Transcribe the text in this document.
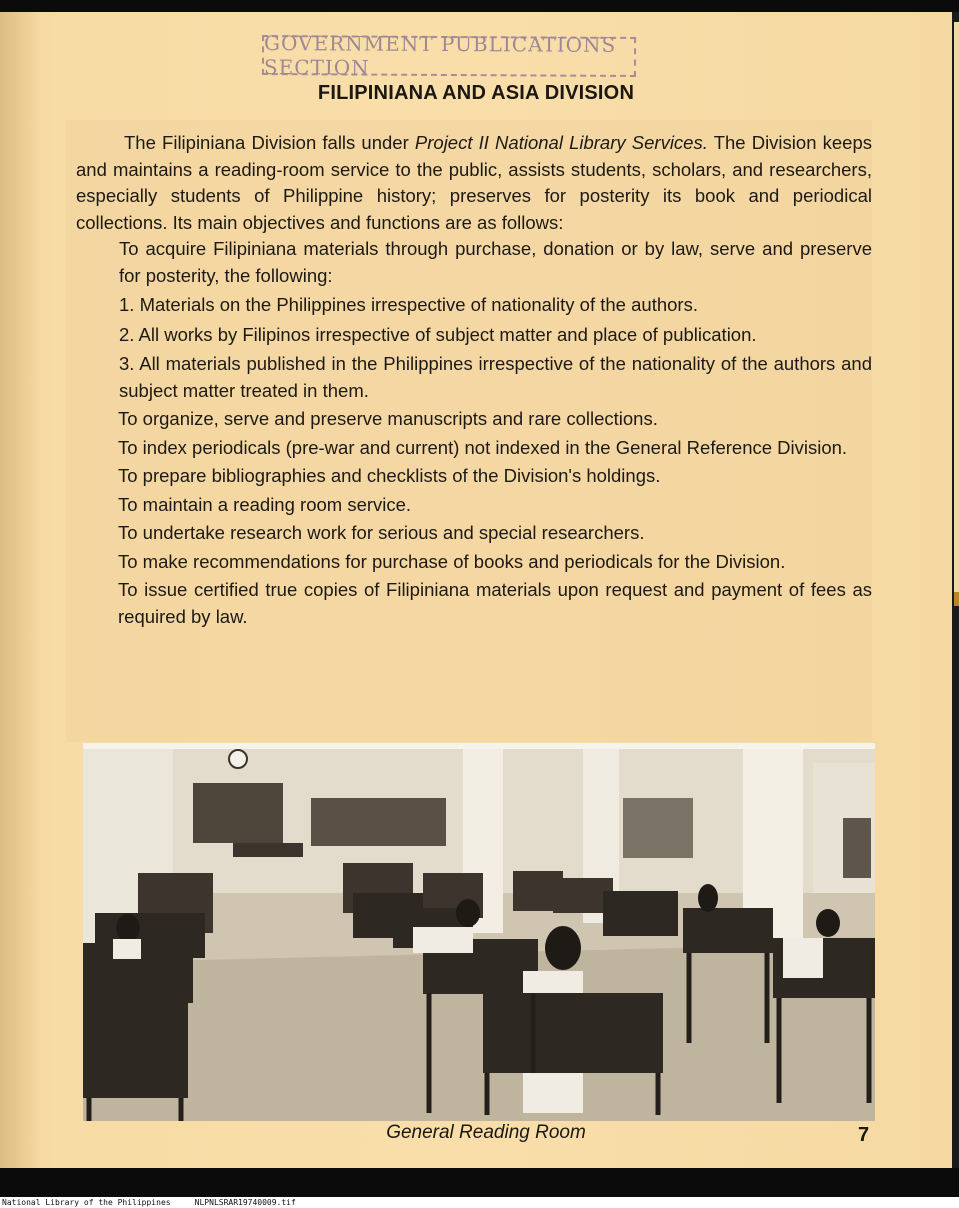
GOVERNMENT PUBLICATIONS SECTION
FILIPINIANA AND ASIA DIVISION

The Filipiniana Division falls under Project II National Library Services. The Division keeps and maintains a reading-room service to the public, assists students, scholars, and researchers, especially students of Philippine history; preserves for posterity its book and periodical collections. Its main objectives and functions are as follows:

To acquire Filipiniana materials through purchase, donation or by law, serve and preserve for posterity, the following:

1. Materials on the Philippines irrespective of nationality of the authors.

2. All works by Filipinos irrespective of subject matter and place of publication.

3. All materials published in the Philippines irrespective of the nationality of the authors and subject matter treated in them.

To organize, serve and preserve manuscripts and rare collections.

To index periodicals (pre-war and current) not indexed in the General Reference Division.

To prepare bibliographies and checklists of the Division's holdings.

To maintain a reading room service.

To undertake research work for serious and special researchers.

To make recommendations for purchase of books and periodicals for the Division.

To issue certified true copies of Filipiniana materials upon request and payment of fees as required by law.

General Reading Room	7
National Library of the Philippines	NLPNLSRAR19740009.tif
